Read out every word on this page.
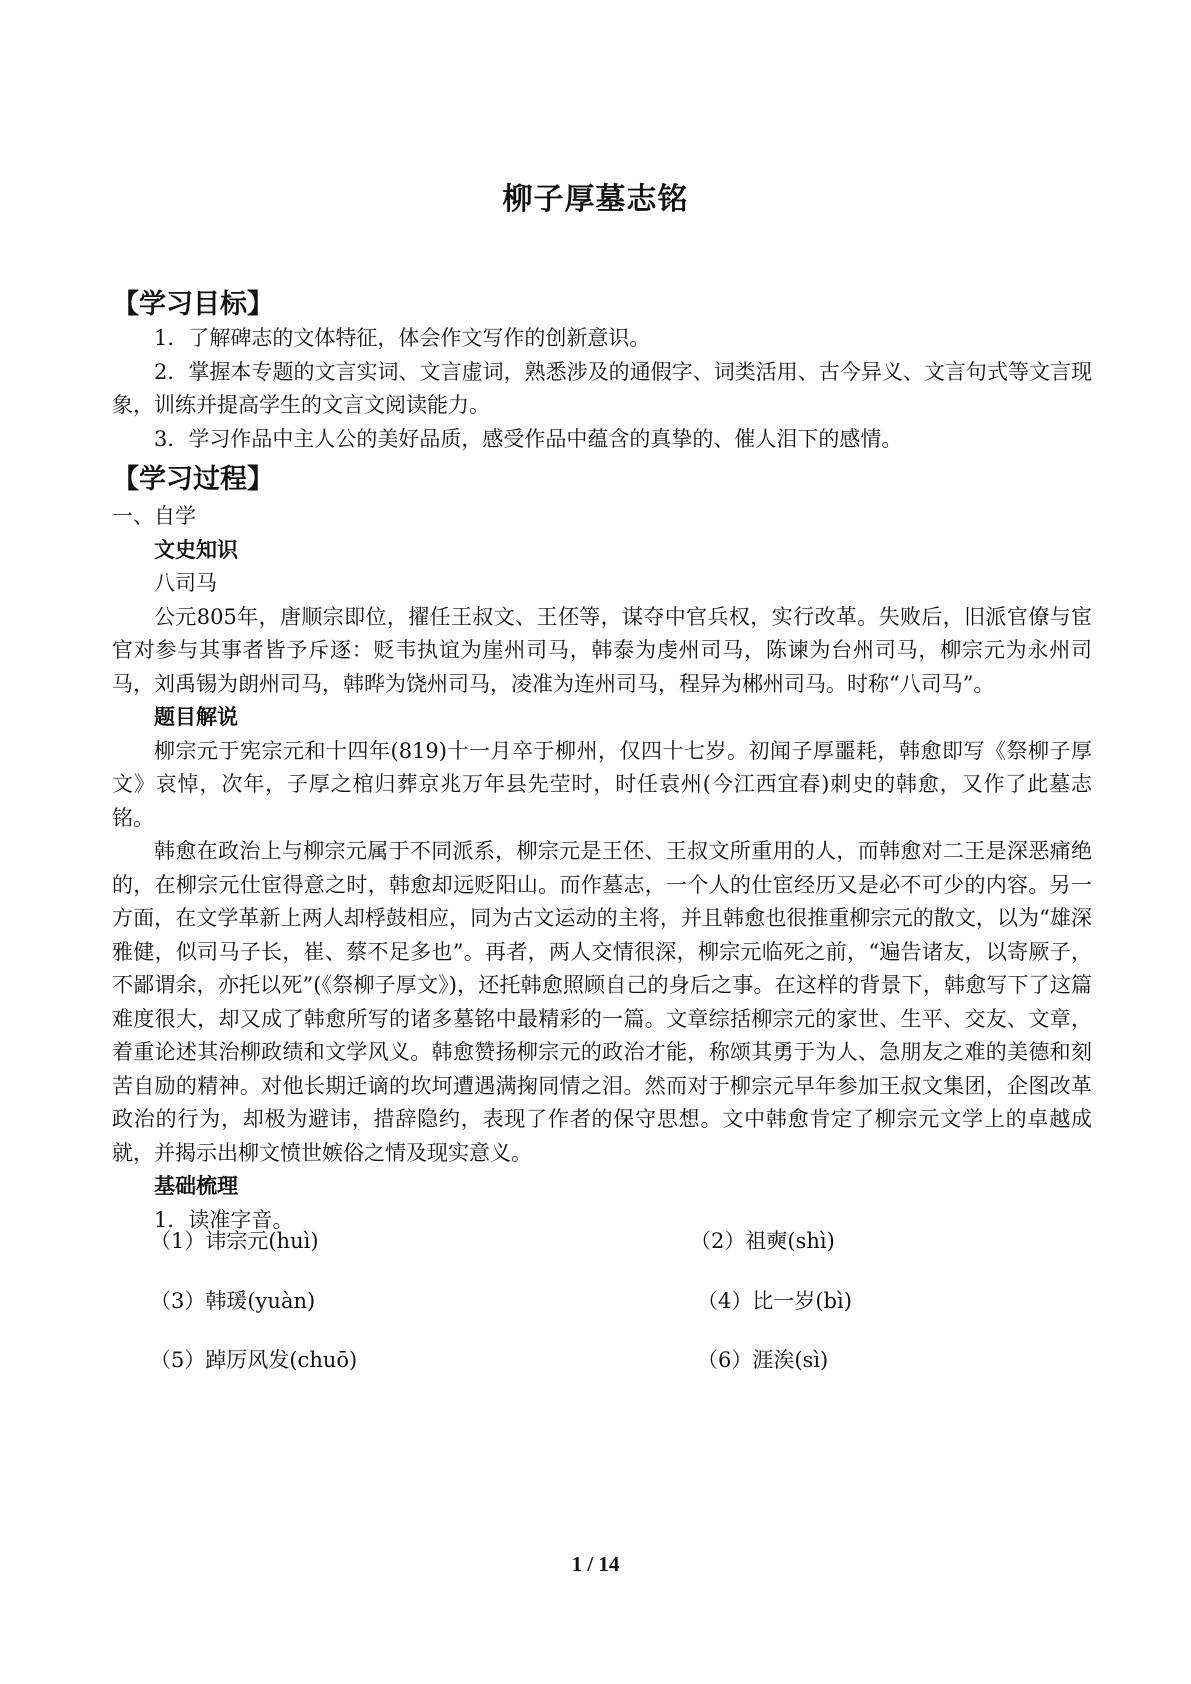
柳子厚墓志铭
【学习目标】

1．了解碑志的文体特征，体会作文写作的创新意识。

2．掌握本专题的文言实词、文言虚词，熟悉涉及的通假字、词类活用、古今异义、文言句式等文言现象，训练并提高学生的文言文阅读能力。

3．学习作品中主人公的美好品质，感受作品中蕴含的真挚的、催人泪下的感情。

【学习过程】

一、自学

文史知识

八司马

公元805年，唐顺宗即位，擢任王叔文、王伾等，谋夺中官兵权，实行改革。失败后，旧派官僚与宦官对参与其事者皆予斥逐：贬韦执谊为崖州司马，韩泰为虔州司马，陈谏为台州司马，柳宗元为永州司马，刘禹锡为朗州司马，韩晔为饶州司马，凌准为连州司马，程异为郴州司马。时称“八司马”。

题目解说

柳宗元于宪宗元和十四年(819)十一月卒于柳州，仅四十七岁。初闻子厚噩耗，韩愈即写《祭柳子厚文》哀悼，次年，子厚之棺归葬京兆万年县先茔时，时任袁州(今江西宜春)刺史的韩愈，又作了此墓志铭。

韩愈在政治上与柳宗元属于不同派系，柳宗元是王伾、王叔文所重用的人，而韩愈对二王是深恶痛绝的，在柳宗元仕宦得意之时，韩愈却远贬阳山。而作墓志，一个人的仕宦经历又是必不可少的内容。另一方面，在文学革新上两人却桴鼓相应，同为古文运动的主将，并且韩愈也很推重柳宗元的散文，以为“雄深雅健，似司马子长，崔、蔡不足多也”。再者，两人交情很深，柳宗元临死之前，“遍告诸友，以寄厥子，不鄙谓余，亦托以死”(《祭柳子厚文》)，还托韩愈照顾自己的身后之事。在这样的背景下，韩愈写下了这篇难度很大，却又成了韩愈所写的诸多墓铭中最精彩的一篇。文章综括柳宗元的家世、生平、交友、文章，着重论述其治柳政绩和文学风义。韩愈赞扬柳宗元的政治才能，称颂其勇于为人、急朋友之难的美德和刻苦自励的精神。对他长期迁谪的坎坷遭遇满掬同情之泪。然而对于柳宗元早年参加王叔文集团，企图改革政治的行为，却极为避讳，措辞隐约，表现了作者的保守思想。文中韩愈肯定了柳宗元文学上的卓越成就，并揭示出柳文愤世嫉俗之情及现实意义。

基础梳理

1．读准字音。

（1）讳宗元(huì)	（2）祖奭(shì)
（3）韩瑗(yuàn)	（4）比一岁(bì)
（5）踔厉风发(chuō)	（6）涯涘(sì)
1 / 14
